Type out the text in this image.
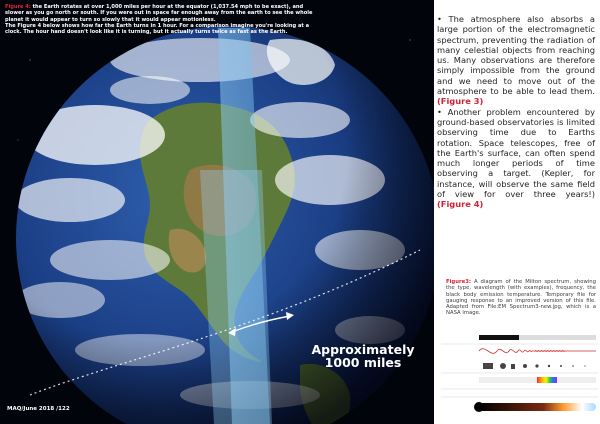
Figure 4: the Earth rotates at over 1,000 miles per hour at the equator (1,037.54 mph to be exact), and slower as you go north or south. If you were out in space far enough away from the earth to see the whole planet it would appear to turn so slowly that it would appear motionless.
The Figure 4 below shows how far the Earth turns in 1 hour. For a comparison imagine you're looking at a clock. The hour hand doesn't look like it is turning, but it actually turns twice as fast as the Earth.
Approximately
1000 miles
MAQ/June 2018 /122

• The atmosphere also absorbs a large portion of the electromagnetic spectrum, preventing the radiation of many celestial objects from reaching us. Many observations are therefore simply impossible from the ground and we need to move out of the atmosphere to be able to lead them. (Figure 3)

• Another problem encountered by ground-based observatories is limited observing time due to Earths rotation. Space telescopes, free of the Earth's surface, can often spend much longer periods of time observing a target. (Kepler, for instance, will observe the same field of view for over three years!) (Figure 4)

Figure3: A diagram of the Milton spectrum, showing the type, wavelength (with examples), frequency, the black body emission temperature. Temporary file for gauging response to an improved version of this file. Adapted from File:EM Spectrum3-new.jpg, which is a NASA image.
